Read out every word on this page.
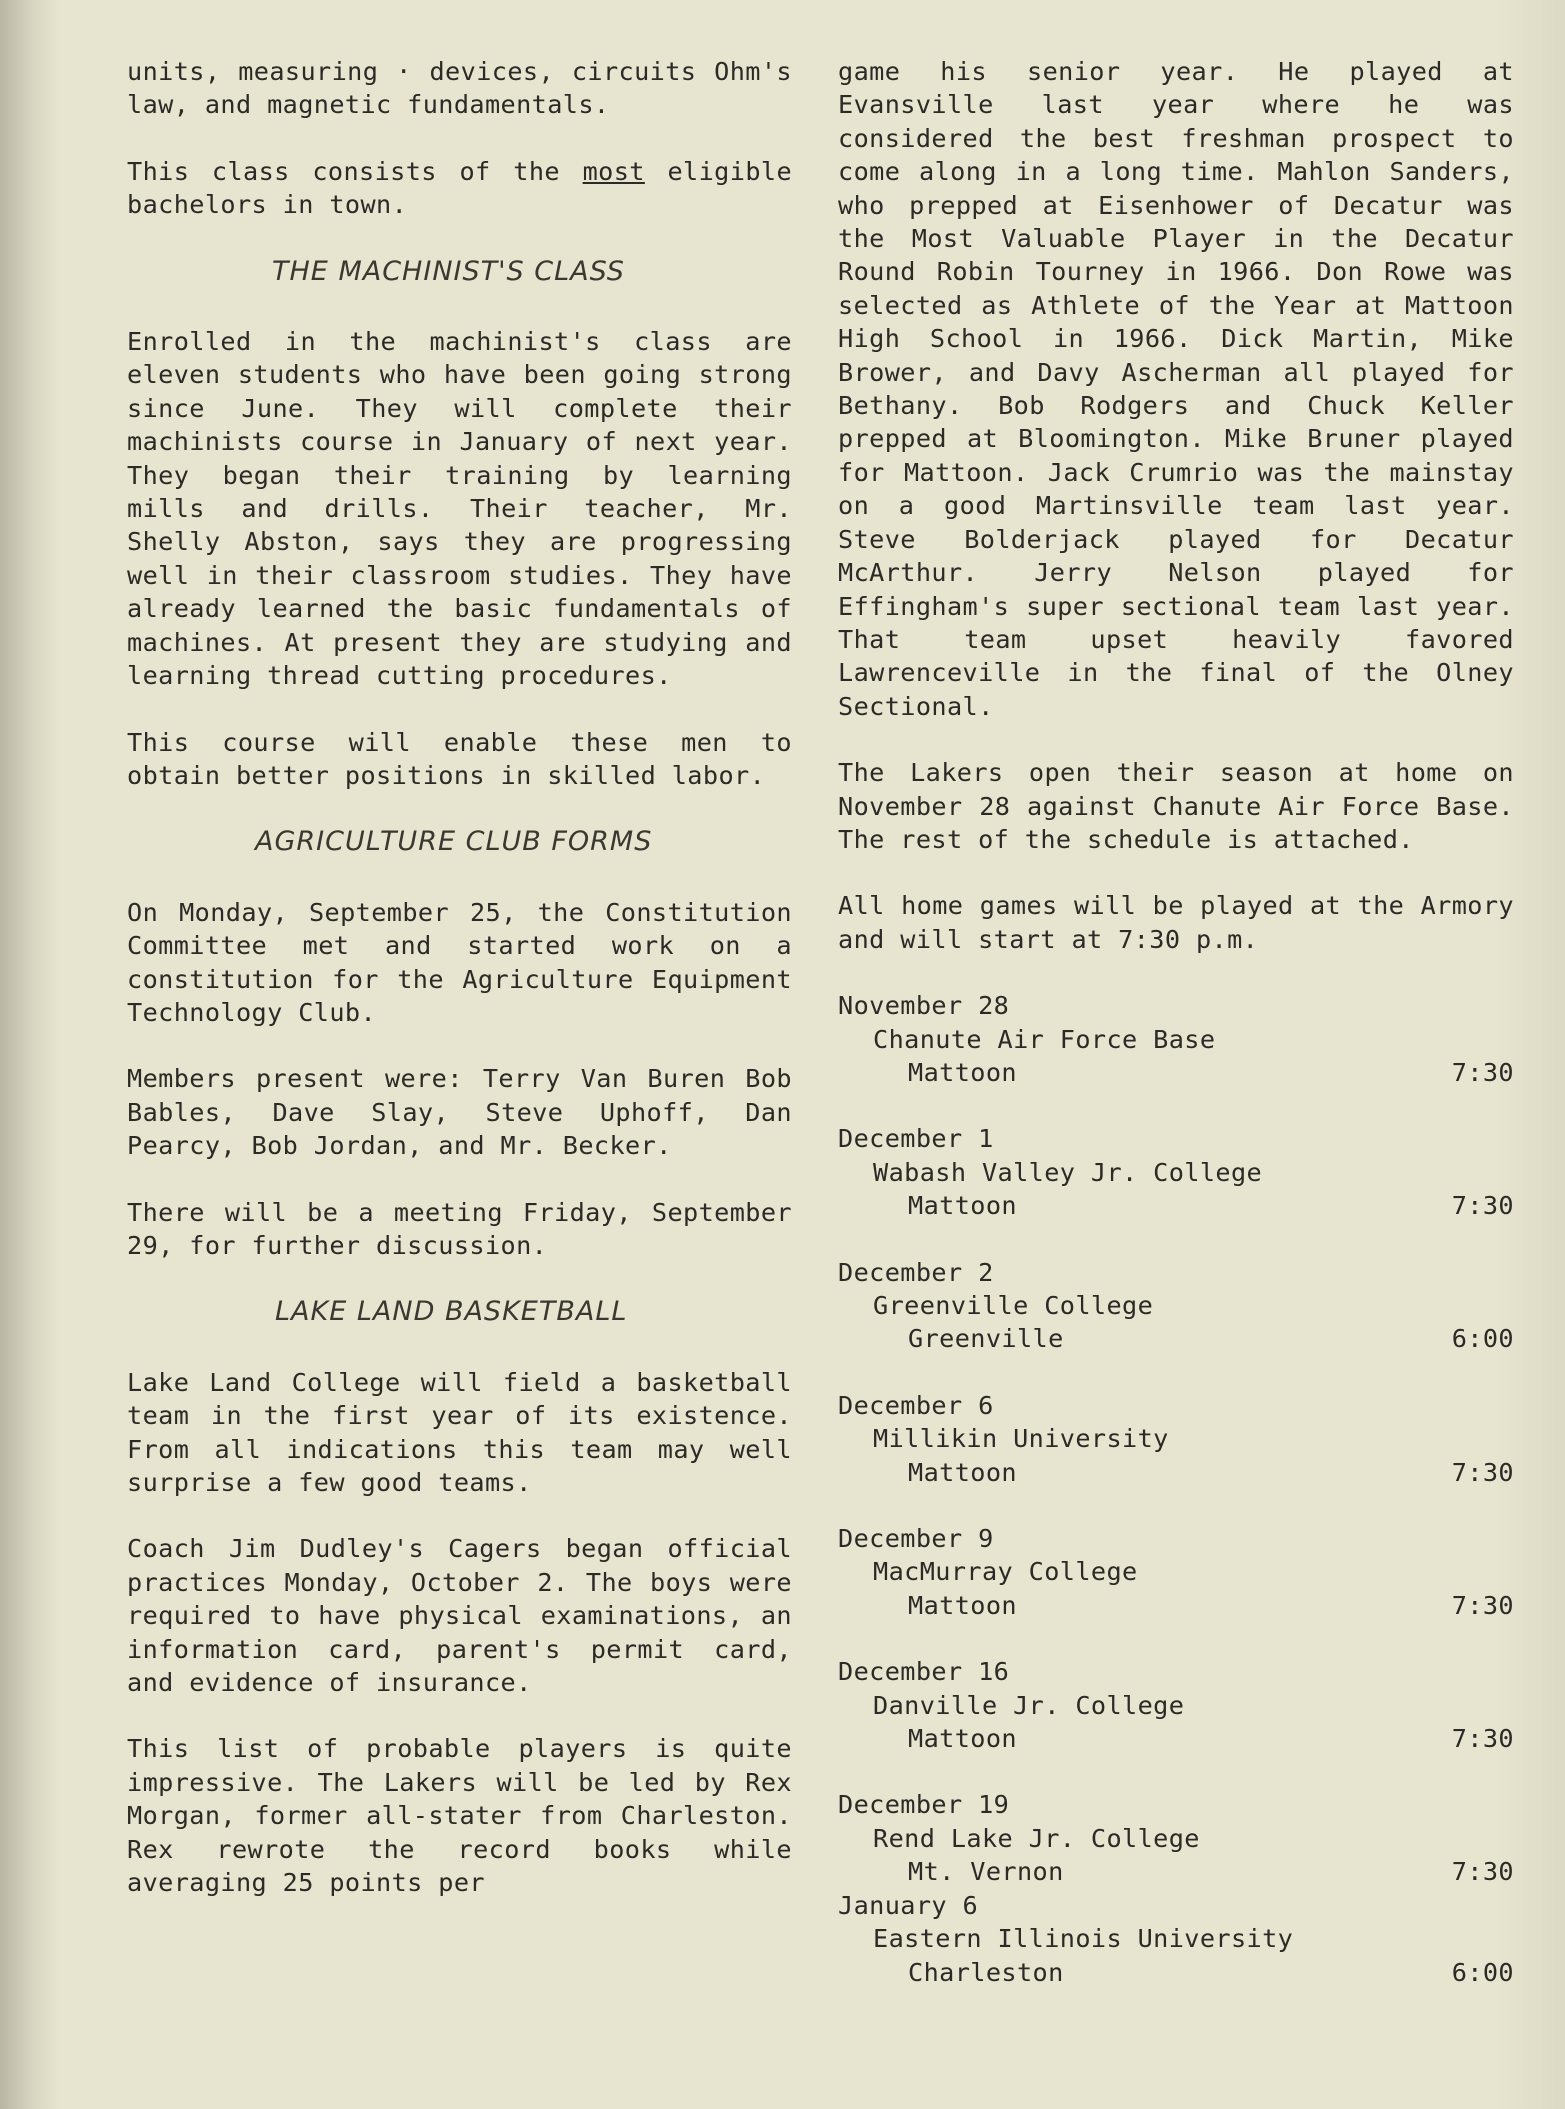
units, measuring · devices, circuits Ohm's law, and magnetic fundamentals.

This class consists of the most eligible bachelors in town.

THE MACHINIST'S CLASS

Enrolled in the machinist's class are eleven students who have been going strong since June. They will complete their machinists course in January of next year. They began their training by learning mills and drills. Their teacher, Mr. Shelly Abston, says they are progressing well in their classroom studies. They have already learned the basic fundamentals of machines. At present they are studying and learning thread cutting procedures.

This course will enable these men to obtain better positions in skilled labor.

AGRICULTURE CLUB FORMS

On Monday, September 25, the Constitution Committee met and started work on a constitution for the Agriculture Equipment Technology Club.

Members present were: Terry Van Buren Bob Bables, Dave Slay, Steve Uphoff, Dan Pearcy, Bob Jordan, and Mr. Becker.

There will be a meeting Friday, September 29, for further discussion.

LAKE LAND BASKETBALL

Lake Land College will field a basketball team in the first year of its existence. From all indications this team may well surprise a few good teams.

Coach Jim Dudley's Cagers began official practices Monday, October 2. The boys were required to have physical examinations, an information card, parent's permit card, and evidence of insurance.

This list of probable players is quite impressive. The Lakers will be led by Rex Morgan, former all-stater from Charleston. Rex rewrote the record books while averaging 25 points per

game his senior year. He played at Evansville last year where he was considered the best freshman prospect to come along in a long time. Mahlon Sanders, who prepped at Eisenhower of Decatur was the Most Valuable Player in the Decatur Round Robin Tourney in 1966. Don Rowe was selected as Athlete of the Year at Mattoon High School in 1966. Dick Martin, Mike Brower, and Davy Ascherman all played for Bethany. Bob Rodgers and Chuck Keller prepped at Bloomington. Mike Bruner played for Mattoon. Jack Crumrio was the mainstay on a good Martinsville team last year. Steve Bolderjack played for Decatur McArthur. Jerry Nelson played for Effingham's super sectional team last year. That team upset heavily favored Lawrenceville in the final of the Olney Sectional.

The Lakers open their season at home on November 28 against Chanute Air Force Base. The rest of the schedule is attached.

All home games will be played at the Armory and will start at 7:30 p.m.

November 28
Chanute Air Force Base
Mattoon	7:30
December 1
Wabash Valley Jr. College
Mattoon	7:30
December 2
Greenville College
Greenville	6:00
December 6
Millikin University
Mattoon	7:30
December 9
MacMurray College
Mattoon	7:30
December 16
Danville Jr. College
Mattoon	7:30
December 19
Rend Lake Jr. College
Mt. Vernon	7:30
January 6
Eastern Illinois University
Charleston	6:00
